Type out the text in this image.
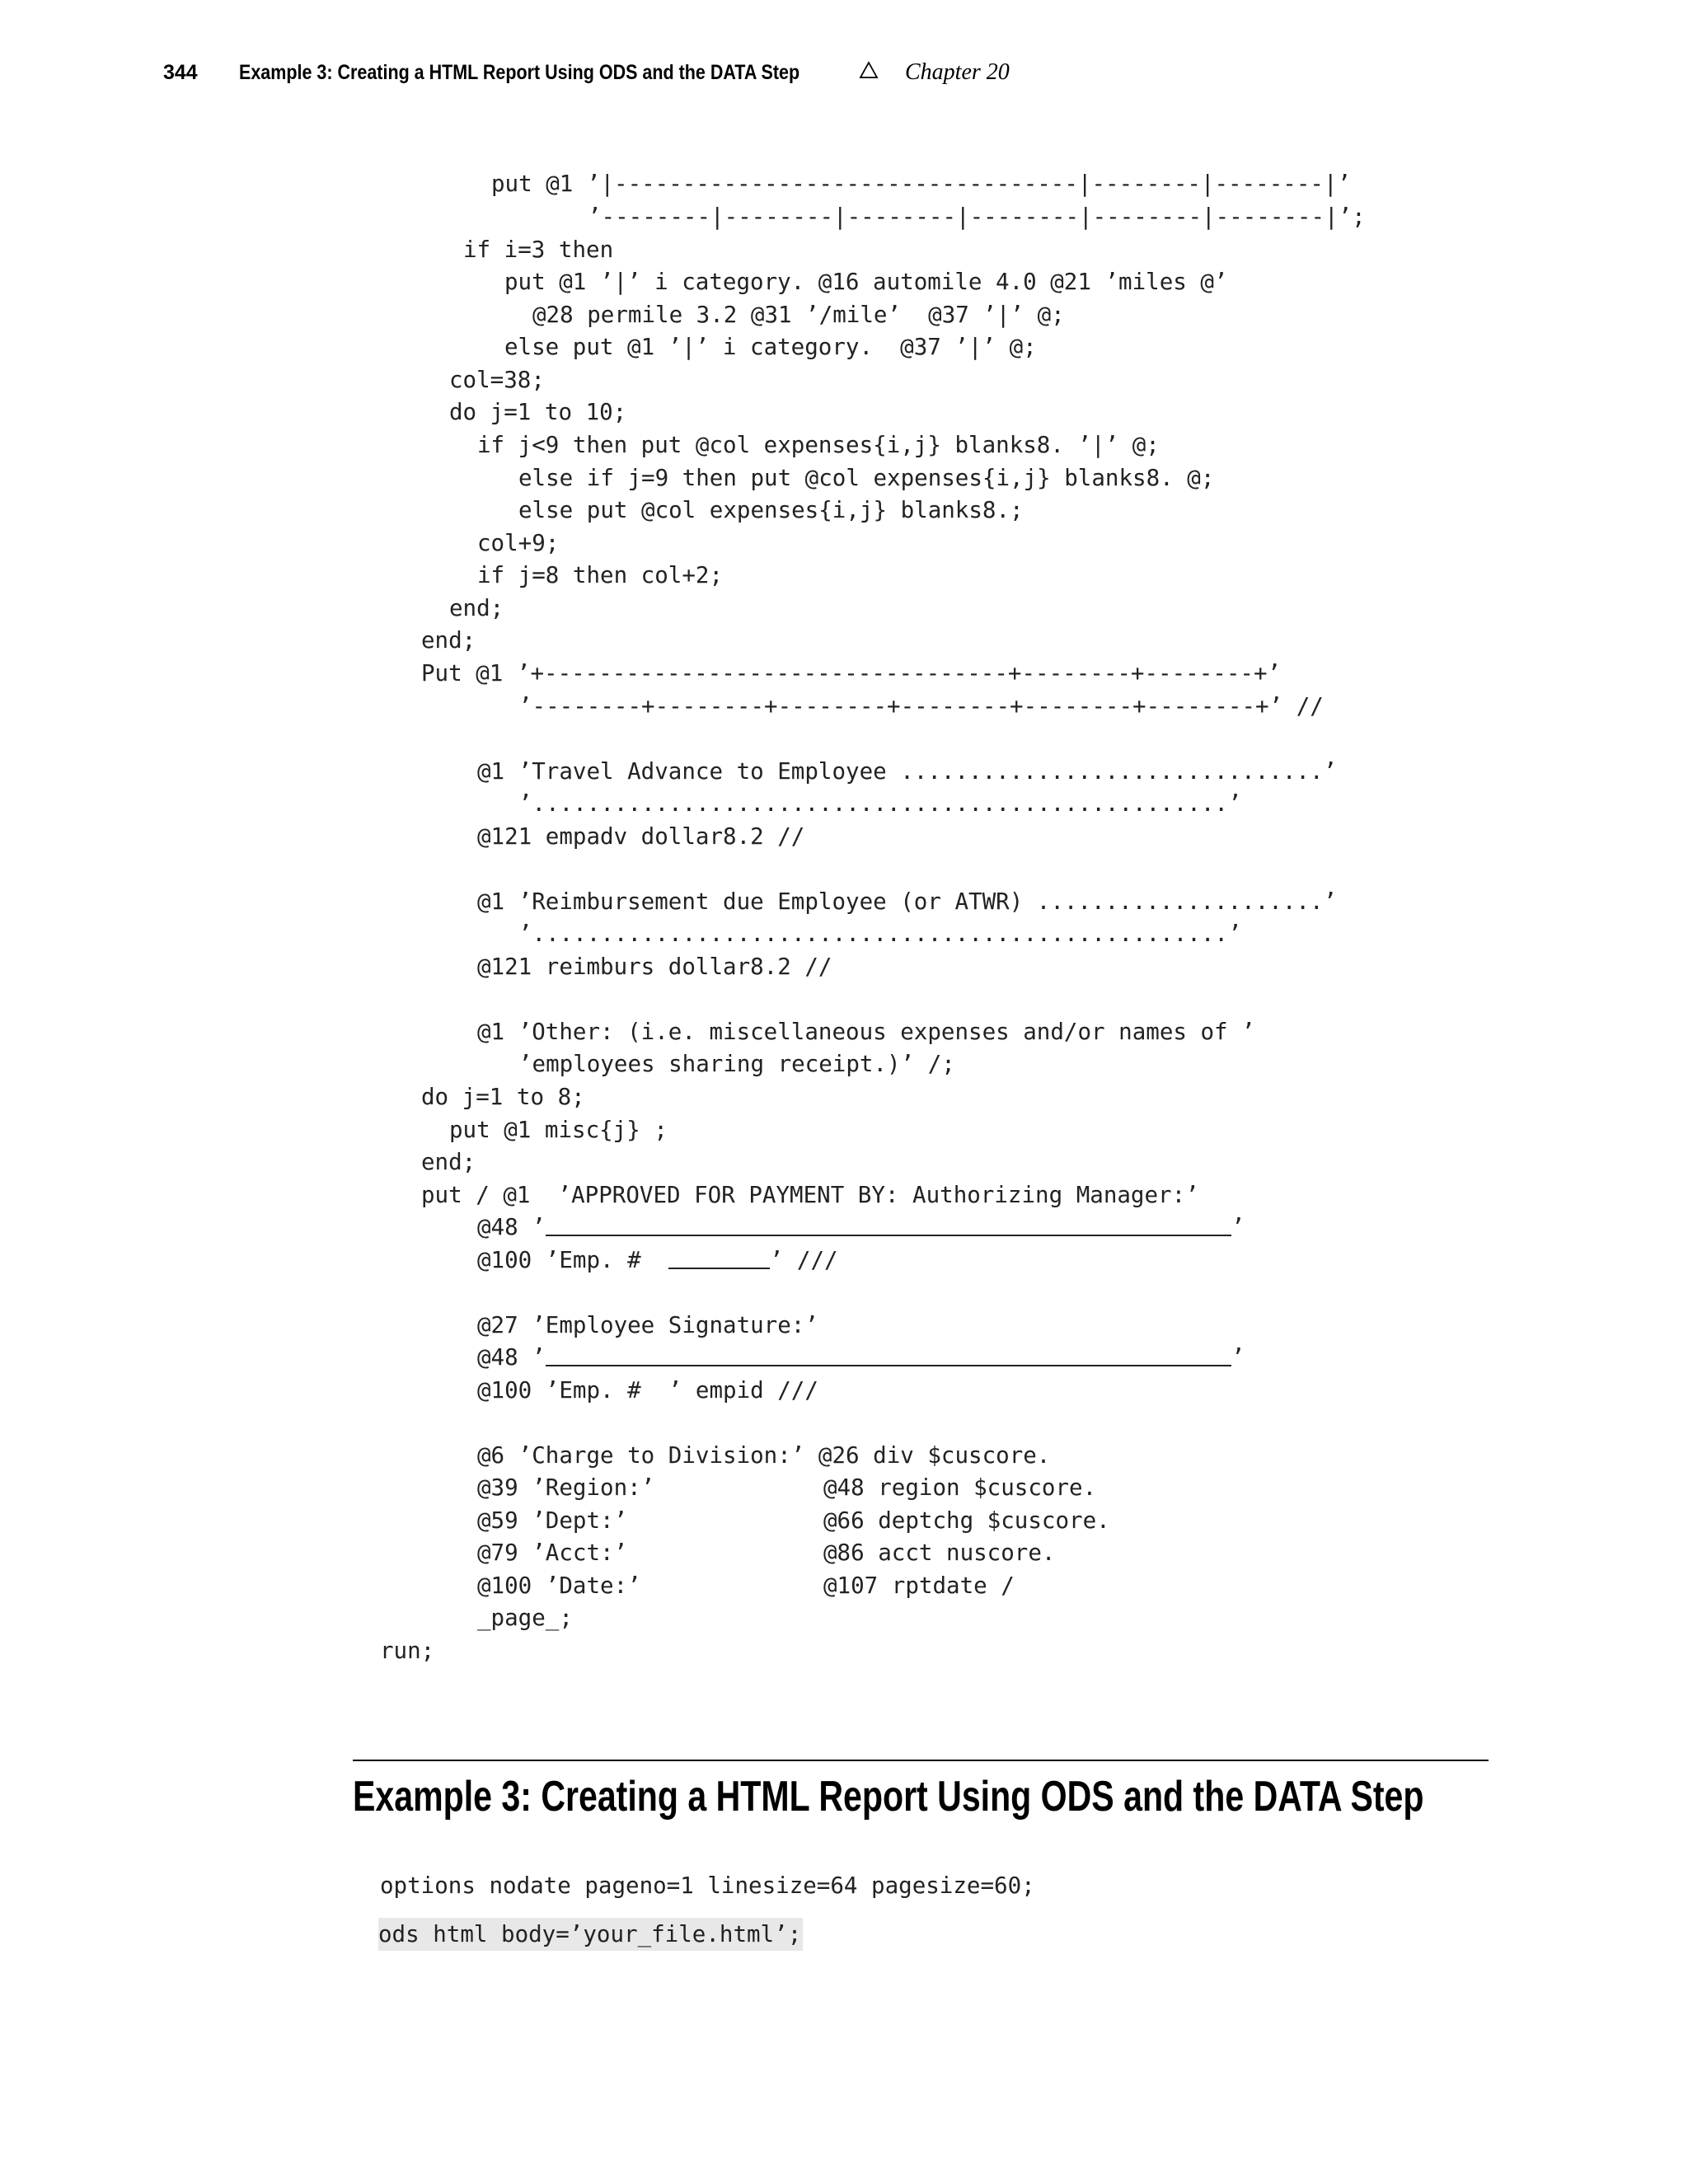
344	Example 3: Creating a HTML Report Using ODS and the DATA Step	Chapter 20
put @1 ’|----------------------------------|--------|--------|’
’--------|--------|--------|--------|--------|--------|’;
if i=3 then
put @1 ’|’ i category. @16 automile 4.0 @21 ’miles @’
@28 permile 3.2 @31 ’/mile’  @37 ’|’ @;
else put @1 ’|’ i category.  @37 ’|’ @;
col=38;
do j=1 to 10;
if j<9 then put @col expenses{i,j} blanks8. ’|’ @;
else if j=9 then put @col expenses{i,j} blanks8. @;
else put @col expenses{i,j} blanks8.;
col+9;
if j=8 then col+2;
end;
end;
Put @1 ’+----------------------------------+--------+--------+’
’--------+--------+--------+--------+--------+--------+’ //
@1 ’Travel Advance to Employee ...............................’
’...................................................’
@121 empadv dollar8.2 //
@1 ’Reimbursement due Employee (or ATWR) .....................’
’...................................................’
@121 reimburs dollar8.2 //
@1 ’Other: (i.e. miscellaneous expenses and/or names of ’
’employees sharing receipt.)’ /;
do j=1 to 8;
put @1 misc{j} ;
end;
put / @1  ’APPROVED FOR PAYMENT BY: Authorizing Manager:’
@48 ’	’
@100 ’Emp. #	’ ///
@27 ’Employee Signature:’
@48 ’	’
@100 ’Emp. #  ’ empid ///
@6 ’Charge to Division:’ @26 div $cuscore.
@39 ’Region:’	@48 region $cuscore.
@59 ’Dept:’	@66 deptchg $cuscore.
@79 ’Acct:’	@86 acct nuscore.
@100 ’Date:’	@107 rptdate /
_page_;
run;
Example 3: Creating a HTML Report Using ODS and the DATA Step
options nodate pageno=1 linesize=64 pagesize=60;
ods html body=’your_file.html’;
